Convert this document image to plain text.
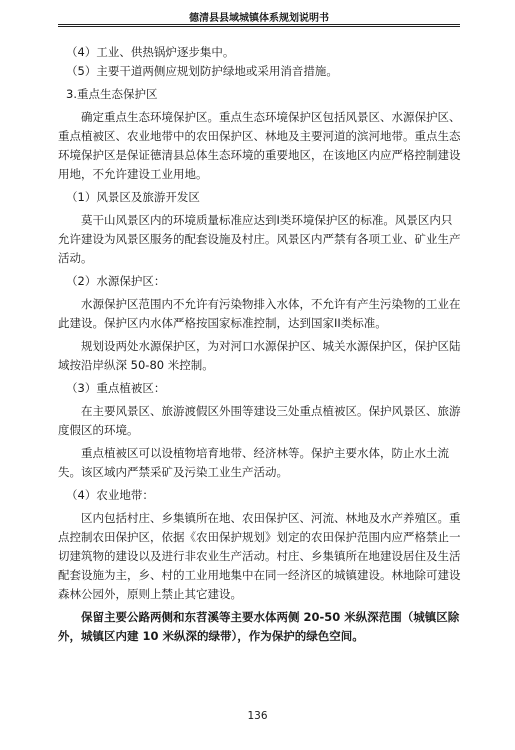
德清县县域城镇体系规划说明书

（4）工业、供热锅炉逐步集中。

（5）主要干道两侧应规划防护绿地或采用消音措施。

3.重点生态保护区

确定重点生态环境保护区。重点生态环境保护区包括风景区、水源保护区、重点植被区、农业地带中的农田保护区、林地及主要河道的滨河地带。重点生态环境保护区是保证德清县总体生态环境的重要地区，在该地区内应严格控制建设用地，不允许建设工业用地。

（1）风景区及旅游开发区

莫干山风景区内的环境质量标准应达到Ⅰ类环境保护区的标准。风景区内只允许建设为风景区服务的配套设施及村庄。风景区内严禁有各项工业、矿业生产活动。

（2）水源保护区：

水源保护区范围内不允许有污染物排入水体，不允许有产生污染物的工业在此建设。保护区内水体严格按国家标准控制，达到国家II类标准。

规划设两处水源保护区，为对河口水源保护区、城关水源保护区，保护区陆域按沿岸纵深 50-80 米控制。

（3）重点植被区：

在主要风景区、旅游渡假区外围等建设三处重点植被区。保护风景区、旅游度假区的环境。

重点植被区可以设植物培育地带、经济林等。保护主要水体，防止水土流失。该区域内严禁采矿及污染工业生产活动。

（4）农业地带：

区内包括村庄、乡集镇所在地、农田保护区、河流、林地及水产养殖区。重点控制农田保护区，依据《农田保护规划》划定的农田保护范围内应严格禁止一切建筑物的建设以及进行非农业生产活动。村庄、乡集镇所在地建设居住及生活配套设施为主，乡、村的工业用地集中在同一经济区的城镇建设。林地除可建设森林公园外，原则上禁止其它建设。

保留主要公路两侧和东苕溪等主要水体两侧 20-50 米纵深范围（城镇区除外，城镇区内建 10 米纵深的绿带），作为保护的绿色空间。

136
